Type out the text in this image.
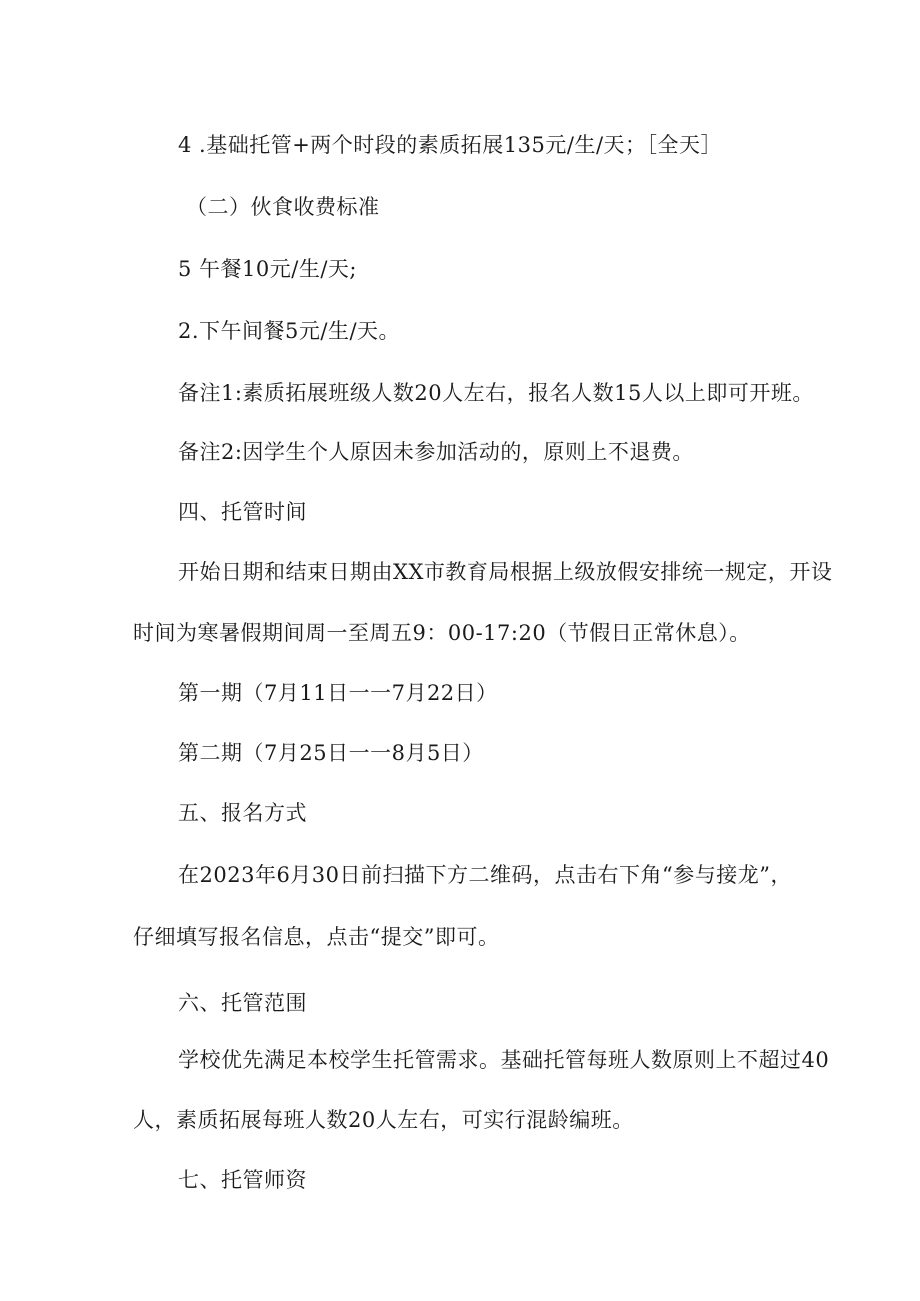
4 .基础托管+两个时段的素质拓展135元/生/天；［全天］
（二）伙食收费标准
5 午餐10元/生/天;
2.下午间餐5元/生/天。
备注1:素质拓展班级人数20人左右，报名人数15人以上即可开班。
备注2:因学生个人原因未参加活动的，原则上不退费。
四、托管时间
开始日期和结束日期由XX市教育局根据上级放假安排统一规定，开设
时间为寒暑假期间周一至周五9：00-17:20（节假日正常休息）。
第一期（7月11日一一7月22日）
第二期（7月25日一一8月5日）
五、报名方式
在2023年6月30日前扫描下方二维码，点击右下角“参与接龙”，
仔细填写报名信息，点击“提交”即可。
六、托管范围
学校优先满足本校学生托管需求。基础托管每班人数原则上不超过40
人，素质拓展每班人数20人左右，可实行混龄编班。
七、托管师资
